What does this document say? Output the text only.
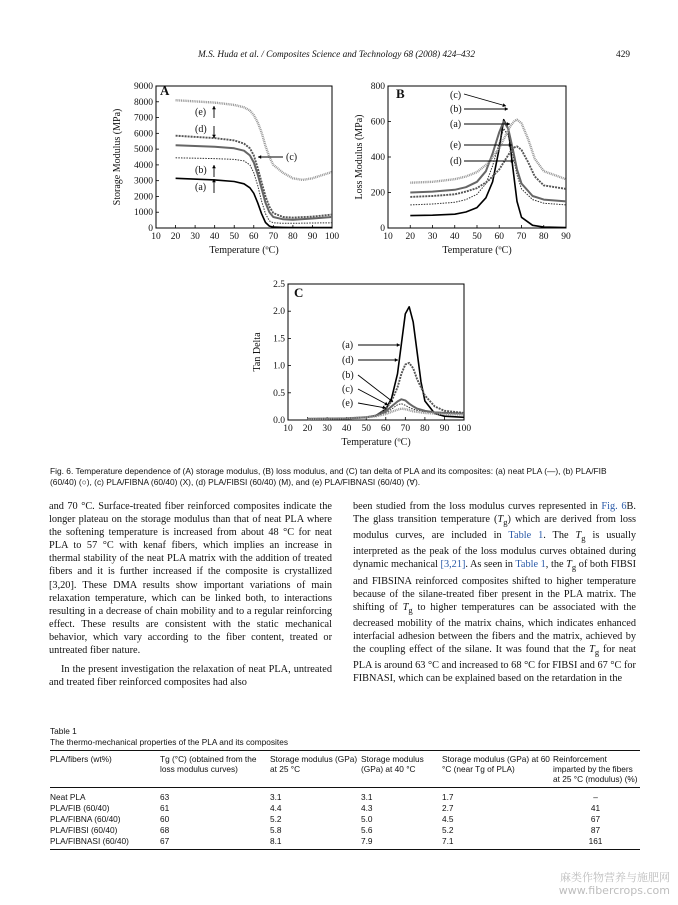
M.S. Huda et al. / Composites Science and Technology 68 (2008) 424–432	429
10 20 30 40 50 60 70 80 90 100
0
1000
2000
3000
4000
5000
6000
7000
8000
9000
Temperature (ºC)
Storage Modulus (MPa)
A
(e)
(d)
(c)
(b)
(a)
10 20 30 40 50 60 70 80 90
0
200
400
600
800
Temperature (ºC)
Loss Modulus (MPa)
B	(c)
(b)
(a)
(e)
(d)
10 20 30 40 50 60 70 80 90 100
0.0
0.5
1.0
1.5
2.0
2.5
Temperature (ºC)
Tan Delta
C
(a)
(d)
(b)
(c)
(e)
Fig. 6. Temperature dependence of (A) storage modulus, (B) loss modulus, and (C) tan delta of PLA and its composites: (a) neat PLA (—), (b) PLA/FIB (60/40) (○), (c) PLA/FIBNA (60/40) (X), (d) PLA/FIBSI (60/40) (M), and (e) PLA/FIBNASI (60/40) (∀).

and 70 °C. Surface-treated fiber reinforced composites indicate the longer plateau on the storage modulus than that of neat PLA where the softening temperature is increased from about 48 °C for neat PLA to 57 °C with kenaf fibers, which implies an increase in thermal stability of the neat PLA matrix with the addition of treated fibers and it is further increased if the composite is crystallized [3,20]. These DMA results show important variations of main relaxation temperature, which can be linked both, to interactions resulting in a decrease of chain mobility and to a regular reinforcing effect. These results are consistent with the static mechanical behavior, which vary according to the fiber content, treated or untreated fiber nature.

In the present investigation the relaxation of neat PLA, untreated and treated fiber reinforced composites had also

been studied from the loss modulus curves represented in Fig. 6B. The glass transition temperature $(T_g)$ which are derived from loss modulus curves, are included in Table 1. The $T_g$ is usually interpreted as the peak of the loss modulus curves obtained during dynamic mechanical [3,21]. As seen in Table 1, the $T_g$ of both FIBSI and FIBSINA reinforced composites shifted to higher temperature because of the silane-treated fiber present in the PLA matrix. The shifting of $T_g$ to higher temperatures can be associated with the decreased mobility of the matrix chains, which indicates enhanced interfacial adhesion between the fibers and the matrix, achieved by the coupling effect of the silane. It was found that the $T_g$ for neat PLA is around 63 °C and increased to 68 °C for FIBSI and 67 °C for FIBNASI, which can be explained based on the retardation in the

Table 1
The thermo-mechanical properties of the PLA and its composites
PLA/fibers (wt%)	Tg (°C) (obtained from the loss modulus curves)	Storage modulus (GPa) at 25 °C	Storage modulus (GPa) at 40 °C	Storage modulus (GPa) at 60 °C (near Tg of PLA)	Reinforcement imparted by the fibers at 25 °C (modulus) (%)
Neat PLA	63	3.1	3.1	1.7	–
PLA/FIB (60/40)	61	4.4	4.3	2.7	41
PLA/FIBNA (60/40)	60	5.2	5.0	4.5	67
PLA/FIBSI (60/40)	68	5.8	5.6	5.2	87
PLA/FIBNASI (60/40)	67	8.1	7.9	7.1	161
麻类作物营养与施肥网
www.fibercrops.com
